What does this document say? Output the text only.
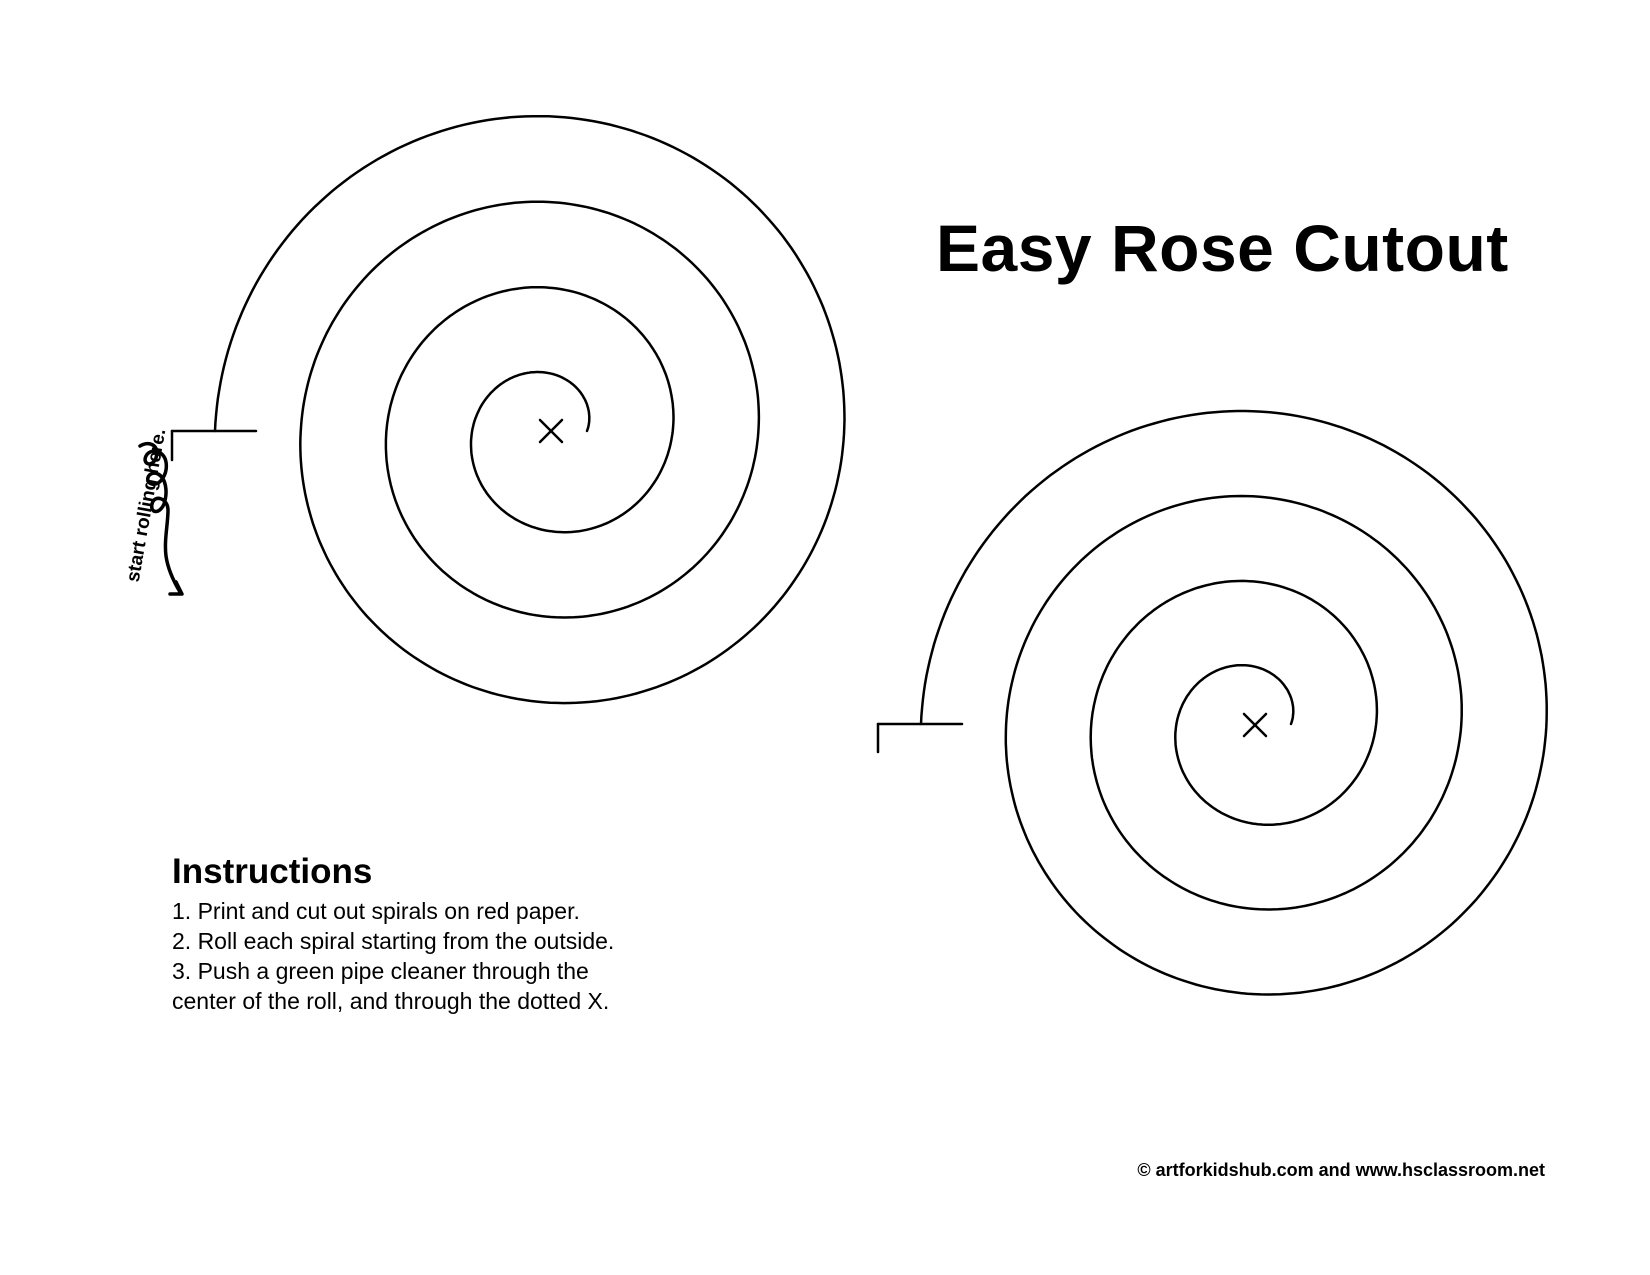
Easy Rose Cutout
Instructions
1. Print and cut out spirals on red paper.
2. Roll each spiral starting from the outside.
3. Push a green pipe cleaner through the
center of the roll, and through the dotted X.
start rolling here.
© artforkidshub.com and www.hsclassroom.net
